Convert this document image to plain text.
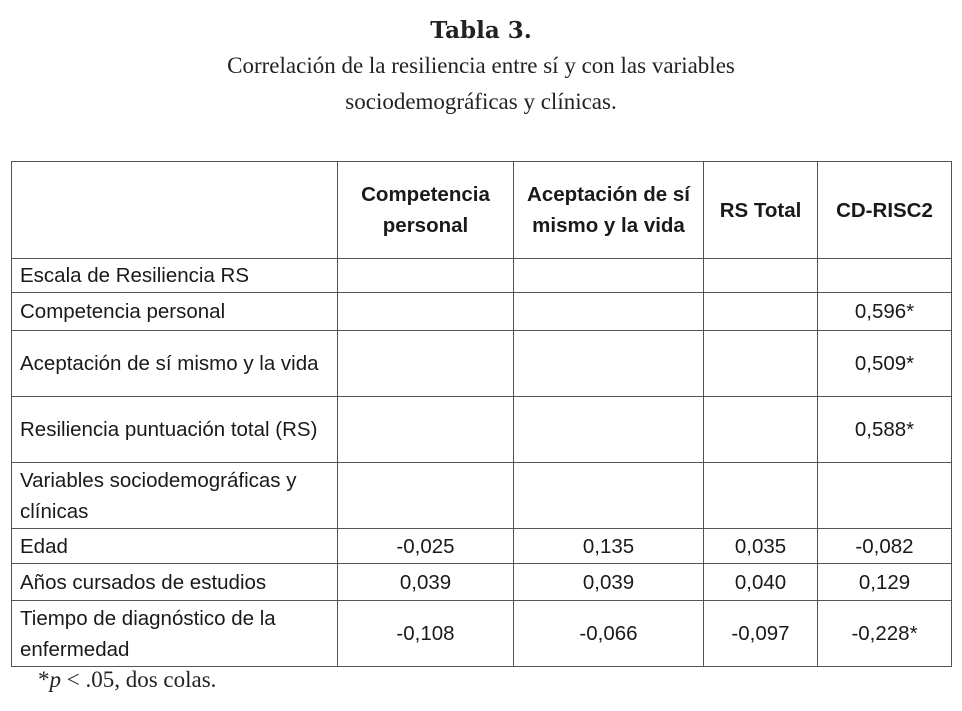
Tabla 3.
Correlación de la resiliencia entre sí y con las variables
sociodemográficas y clínicas.
	Competencia personal	Aceptación de sí mismo y la vida	RS Total	CD-RISC2
Escala de Resiliencia RS				
Competencia personal				0,596*
Aceptación de sí mismo y la vida				0,509*
Resiliencia puntuación total (RS)				0,588*
Variables sociodemográficas y clínicas				
Edad	-0,025	0,135	0,035	-0,082
Años cursados de estudios	0,039	0,039	0,040	0,129
Tiempo de diagnóstico de la enfermedad	-0,108	-0,066	-0,097	-0,228*
*p < .05, dos colas.
